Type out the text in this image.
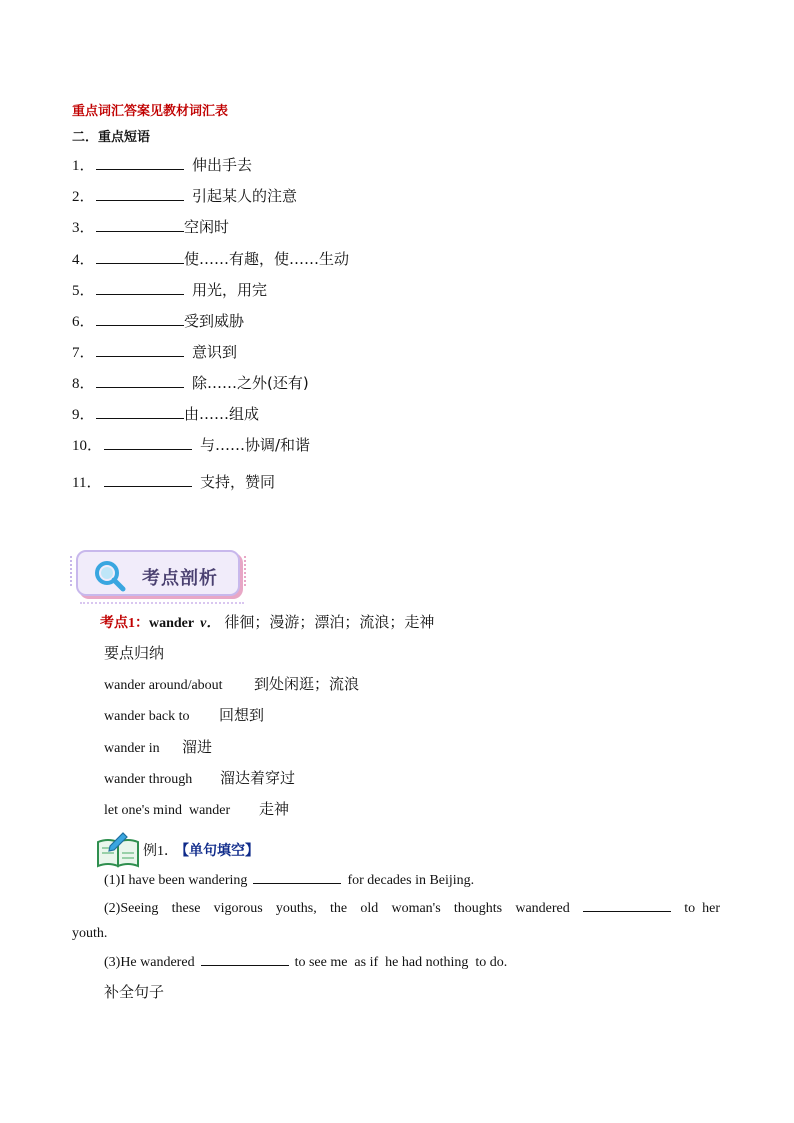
重点词汇答案见教材词汇表
二．重点短语
1．	伸出手去
2．	引起某人的注意
3．	空闲时
4．	使……有趣，使……生动
5．	用光，用完
6．	受到威胁
7．	意识到
8．	除……之外(还有)
9．	由……组成
10．	与……协调/和谐
11．	支持，赞同
考点剖析
考点1：wander v． 徘徊；漫游；漂泊；流浪；走神
要点归纳
wander around/about 到处闲逛；流浪
wander back to 回想到
wander in 溜进
wander through 溜达着穿过
let one's mind  wander 走神
例1． 【单句填空】
(1)I have been wandering	for decades in Beijing.
(2)Seeing these vigorous youths, the old woman's thoughts wandered	to  her
youth.
(3)He wandered	to see me  as if  he had nothing  to do.
补全句子
